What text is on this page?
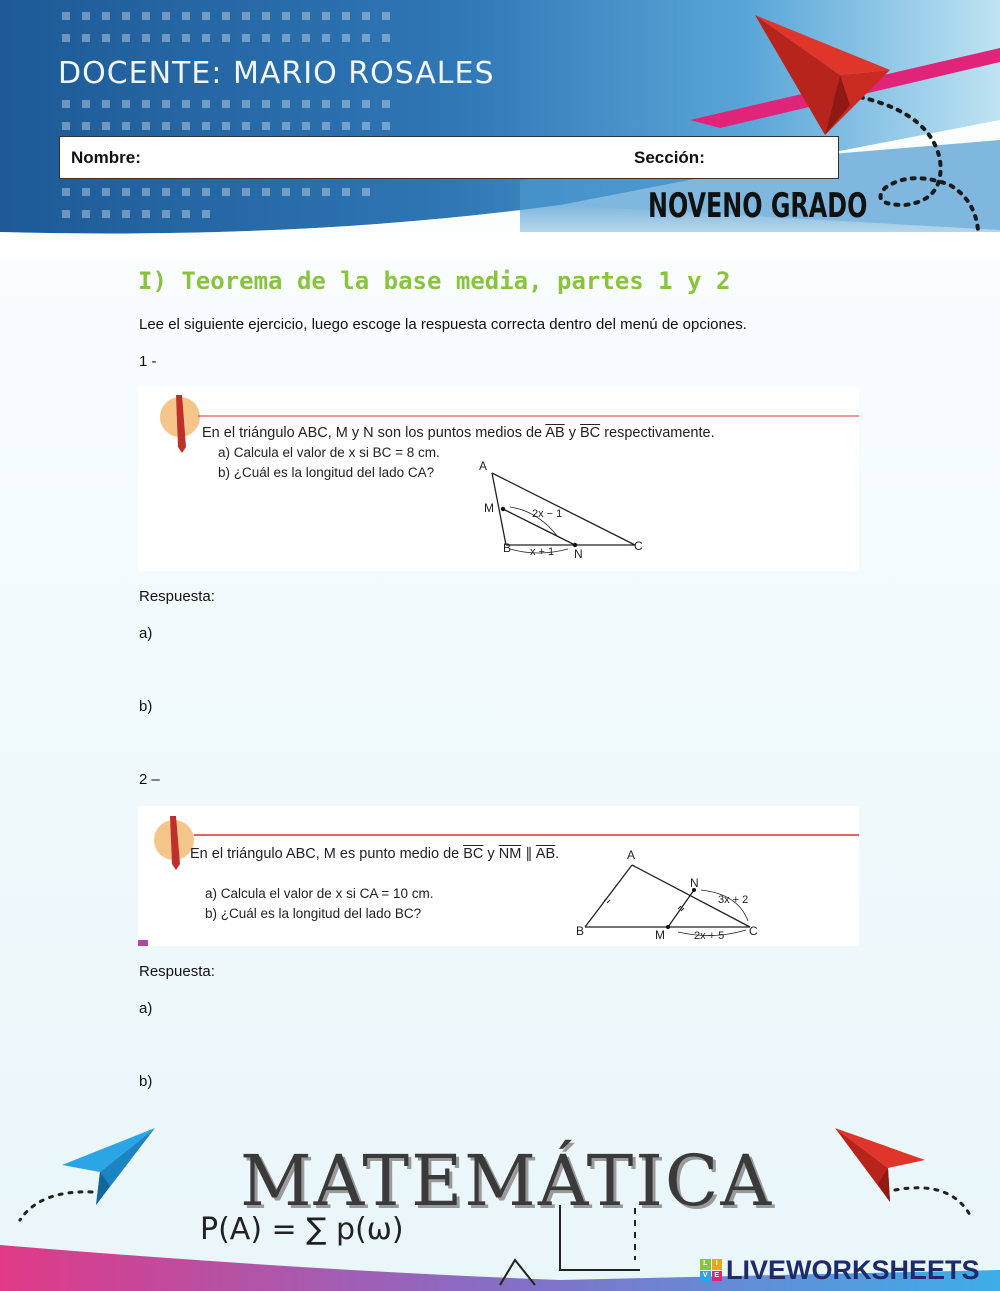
DOCENTE: MARIO ROSALES
Nombre:	Sección:
NOVENO GRADO
I) Teorema de la base media, partes 1 y 2
Lee el siguiente ejercicio, luego escoge la respuesta correcta dentro del menú de opciones.
1 -
En el triángulo ABC, M y N son los puntos medios de $\overline{AB}$ y $\overline{BC}$ respectivamente.
a) Calcula el valor de x si BC = 8 cm.
b) ¿Cuál es la longitud del lado CA?	A
M
B	N
C
2x − 1
x + 1
Respuesta:
a)
b)
2 –
En el triángulo ABC, M es punto medio de $\overline{BC}$ y $\overline{NM}$ ∥ $\overline{AB}$.
a) Calcula el valor de x si CA = 10 cm.
b) ¿Cuál es la longitud del lado BC?
A
N
B	M	C
3x + 2
2x + 5
Respuesta:
a)
b)
MATEMÁTICA
P(A) = ∑ p(ω)
L	I
V E LIVEWORKSHEETS
